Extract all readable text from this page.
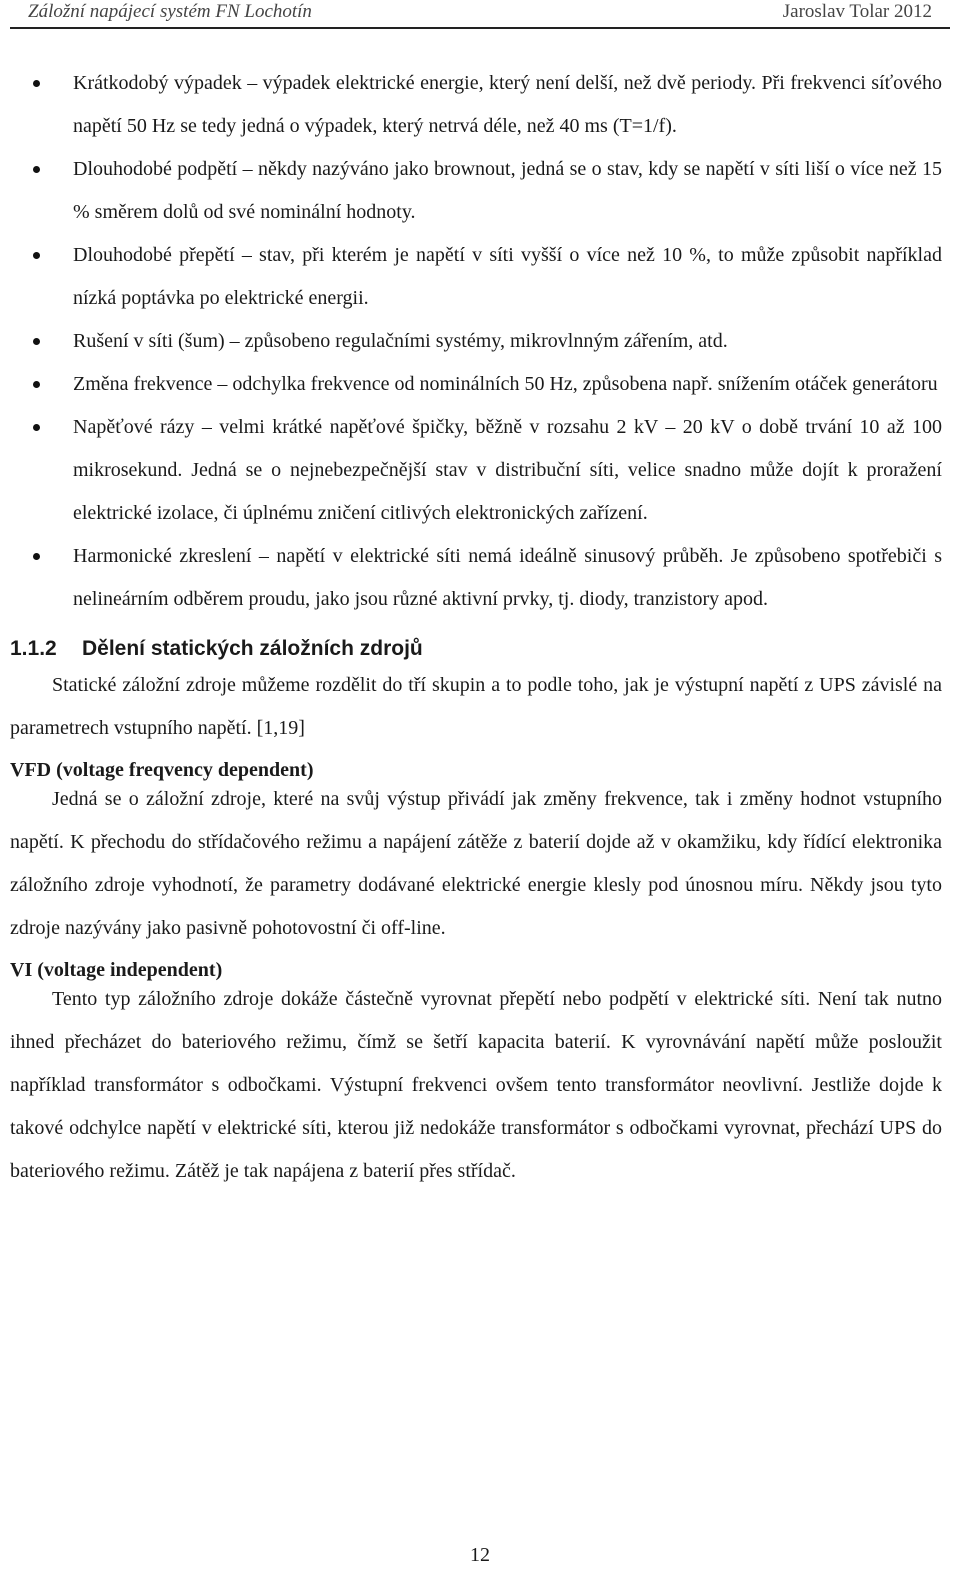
Záložní napájecí systém FN Lochotín	Jaroslav Tolar 2012
Krátkodobý výpadek – výpadek elektrické energie, který není delší, než dvě periody. Při frekvenci síťového napětí 50 Hz se tedy jedná o výpadek, který netrvá déle, než 40 ms (T=1/f).
Dlouhodobé podpětí – někdy nazýváno jako brownout, jedná se o stav, kdy se napětí v síti liší o více než 15 % směrem dolů od své nominální hodnoty.
Dlouhodobé přepětí – stav, při kterém je napětí v síti vyšší o více než 10 %, to může způsobit například nízká poptávka po elektrické energii.
Rušení v síti (šum) – způsobeno regulačními systémy, mikrovlnným zářením, atd.
Změna frekvence – odchylka frekvence od nominálních 50 Hz, způsobena např. snížením otáček generátoru
Napěťové rázy – velmi krátké napěťové špičky, běžně v rozsahu 2 kV – 20 kV o době trvání 10 až 100 mikrosekund. Jedná se o nejnebezpečnější stav v distribuční síti, velice snadno může dojít k proražení elektrické izolace, či úplnému zničení citlivých elektronických zařízení.
Harmonické zkreslení – napětí v elektrické síti nemá ideálně sinusový průběh. Je způsobeno spotřebiči s nelineárním odběrem proudu, jako jsou různé aktivní prvky, tj. diody, tranzistory apod.
1.1.2 Dělení statických záložních zdrojů

Statické záložní zdroje můžeme rozdělit do tří skupin a to podle toho, jak je výstupní napětí z UPS závislé na parametrech vstupního napětí. [1,19]

VFD (voltage freqvency dependent)

Jedná se o záložní zdroje, které na svůj výstup přivádí jak změny frekvence, tak i změny hodnot vstupního napětí. K přechodu do střídačového režimu a napájení zátěže z baterií dojde až v okamžiku, kdy řídící elektronika záložního zdroje vyhodnotí, že parametry dodávané elektrické energie klesly pod únosnou míru. Někdy jsou tyto zdroje nazývány jako pasivně pohotovostní či off-line.

VI (voltage independent)

Tento typ záložního zdroje dokáže částečně vyrovnat přepětí nebo podpětí v elektrické síti. Není tak nutno ihned přecházet do bateriového režimu, čímž se šetří kapacita baterií. K vyrovnávání napětí může posloužit například transformátor s odbočkami. Výstupní frekvenci ovšem tento transformátor neovlivní. Jestliže dojde k takové odchylce napětí v elektrické síti, kterou již nedokáže transformátor s odbočkami vyrovnat, přechází UPS do bateriového režimu. Zátěž je tak napájena z baterií přes střídač.

12
